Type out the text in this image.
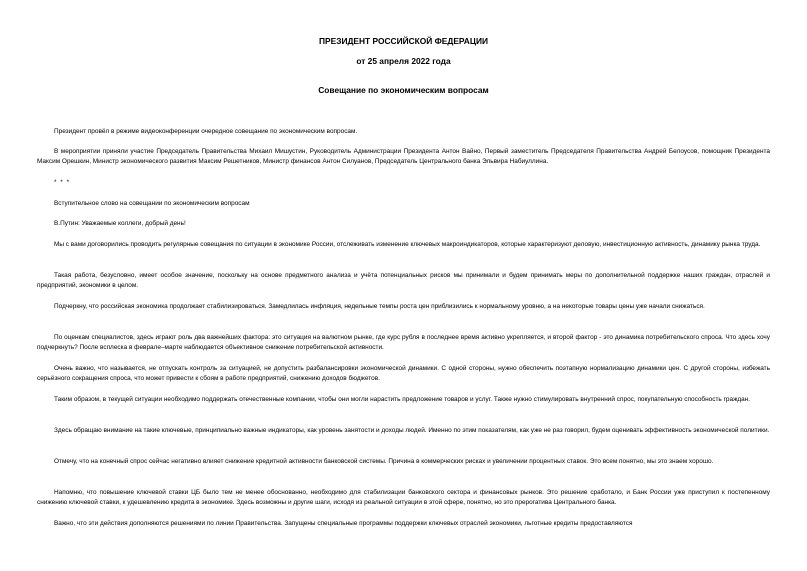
ПРЕЗИДЕНТ РОССИЙСКОЙ ФЕДЕРАЦИИ
от 25 апреля 2022 года
Совещание по экономическим вопросам

Президент провёл в режиме видеоконференции очередное совещание по экономическим вопросам.

В мероприятии приняли участие Председатель Правительства Михаил Мишустин, Руководитель Администрации Президента Антон Вайно, Первый заместитель Председателя Правительства Андрей Белоусов, помощник Президента Максим Орешкин, Министр экономического развития Максим Решетников, Министр финансов Антон Силуанов, Председатель Центрального банка Эльвира Набиуллина.

* * *

Вступительное слово на совещании по экономическим вопросам

В.Путин: Уважаемые коллеги, добрый день!

Мы с вами договорились проводить регулярные совещания по ситуации в экономике России, отслеживать изменение ключевых макроиндикаторов, которые характеризуют деловую, инвестиционную активность, динамику рынка труда.

Такая работа, безусловно, имеет особое значение, поскольку на основе предметного анализа и учёта потенциальных рисков мы принимали и будем принимать меры по дополнительной поддержке наших граждан, отраслей и предприятий, экономики в целом.

Подчеркну, что российская экономика продолжает стабилизироваться. Замедлилась инфляция, недельные темпы роста цен приблизились к нормальному уровню, а на некоторые товары цены уже начали снижаться.

По оценкам специалистов, здесь играют роль два важнейших фактора: это ситуация на валютном рынке, где курс рубля в последнее время активно укрепляется, и второй фактор - это динамика потребительского спроса. Что здесь хочу подчеркнуть? После всплеска в феврале–марте наблюдается объективное снижение потребительской активности.

Очень важно, что называется, не отпускать контроль за ситуацией, не допустить разбалансировки экономической динамики. С одной стороны, нужно обеспечить поэтапную нормализацию динамики цен. С другой стороны, избежать серьёзного сокращения спроса, что может привести к сбоям в работе предприятий, снижению доходов бюджетов.

Таким образом, в текущей ситуации необходимо поддержать отечественные компании, чтобы они могли нарастить предложение товаров и услуг. Также нужно стимулировать внутренний спрос, покупательную способность граждан.

Здесь обращаю внимание на такие ключевые, принципиально важные индикаторы, как уровень занятости и доходы людей. Именно по этим показателям, как уже не раз говорил, будем оценивать эффективность экономической политики.

Отмечу, что на конечный спрос сейчас негативно влияет снижение кредитной активности банковской системы. Причина в коммерческих рисках и увеличении процентных ставок. Это всем понятно, мы это знаем хорошо.

Напомню, что повышение ключевой ставки ЦБ было тем не менее обоснованно, необходимо для стабилизации банковского сектора и финансовых рынков. Это решение сработало, и Банк России уже приступил к постепенному снижению ключевой ставки, к удешевлению кредита в экономике. Здесь возможны и другие шаги, исходя из реальной ситуации в этой сфере, понятно, но это прерогатива Центрального банка.

Важно, что эти действия дополняются решениями по линии Правительства. Запущены специальные программы поддержки ключевых отраслей экономики, льготные кредиты предоставляются
